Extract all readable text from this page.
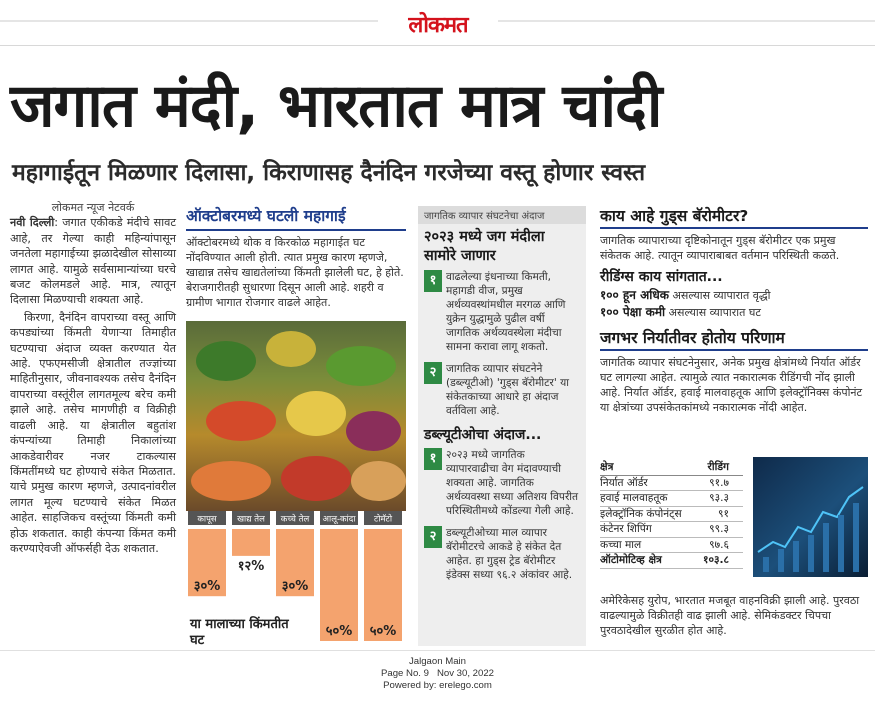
लोकमत
जगात मंदी, भारतात मात्र चांदी
महागाईतून मिळणार दिलासा, किराणासह दैनंदिन गरजेच्या वस्तू होणार स्वस्त
लोकमत न्यूज नेटवर्क

नवी दिल्ली: जगात एकीकडे मंदीचे सावट आहे, तर गेल्या काही महिन्यांपासून जनतेला महागाईच्या झळादेखील सोसाव्या लागत आहे. यामुळे सर्वसामान्यांच्या घरचे बजट कोलमडले आहे. मात्र, त्यातून दिलासा मिळण्याची शक्यता आहे.

किरणा, दैनंदिन वापराच्या वस्तू आणि कपड्यांच्या किंमती येणाऱ्या तिमाहीत घटण्याचा अंदाज व्यक्त करण्यात येत आहे. एफएमसीजी क्षेत्रातील तज्ज्ञांच्या माहितीनुसार, जीवनावश्यक तसेच दैनंदिन वापराच्या वस्तूंरील लागतमूल्य बरेच कमी झाले आहे. तसेच मागणीही व विक्रीही वाढली आहे. या क्षेत्रातील बहुतांश कंपन्यांच्या तिमाही निकालांच्या आकडेवारीवर नजर टाकल्यास किंमतींमध्ये घट होण्याचे संकेत मिळतात. याचे प्रमुख कारण म्हणजे, उत्पादनांवरील लागत मूल्य घटण्याचे संकेत मिळत आहेत. साहजिकच वस्तूंच्या किंमती कमी होऊ शकतात. काही कंपन्या किंमत कमी करण्याऐवजी ऑफर्सही देऊ शकतात.

ऑक्टोबरमध्ये घटली महागाई
ऑक्टोबरमध्ये थोक व किरकोळ महागाईत घट नोंदविण्यात आली होती. त्यात प्रमुख कारण म्हणजे, खाद्यान्न तसेच खाद्यतेलांच्या किंमती झालेली घट, हे होते. बेराजगारीतही सुधारणा दिसून आली आहे. शहरी व ग्रामीण भागात रोजगार वाढले आहेत.
कापूस
३०%
खाद्य तेल
१२%
कच्चे तेल
३०%
आलू-कांदा
५०%
टोमॅटो
५०%
या मालाच्या किंमतीत घट
जागतिक व्यापार संघटनेचा अंदाज
२०२३ मध्ये जग मंदीला सामोरे जाणार
१ वाढलेल्या इंधनाच्या किमती, महागडी वीज, प्रमुख अर्थव्यवस्थांमधील मरगळ आणि युक्रेन युद्धामुळे पुढील वर्षी जागतिक अर्थव्यवस्थेला मंदीचा सामना करावा लागू शकतो.
२ जागतिक व्यापार संघटनेने (डब्ल्यूटीओ) 'गुड्स बॅरोमीटर' या संकेतकाच्या आधारे हा अंदाज वर्तविला आहे.
डब्ल्यूटीओचा अंदाज...
१ २०२३ मध्ये जागतिक व्यापारवाढीचा वेग मंदावण्याची शक्यता आहे. जागतिक अर्थव्यवस्था सध्या अतिशय विपरीत परिस्थितीमध्ये कोंडल्या गेली आहे.
२ डब्ल्यूटीओच्या माल व्यापार बॅरोमीटरचे आकडे हे संकेत देत आहेत. हा गुड्स ट्रेड बॅरोमीटर इंडेक्स सध्या ९६.२ अंकांवर आहे.
काय आहे गुड्स बॅरोमीटर?
जागतिक व्यापाराच्या दृष्टिकोनातून गुड्स बॅरोमीटर एक प्रमुख संकेतक आहे. त्यातून व्यापाराबाबत वर्तमान परिस्थिती कळते.
रीडिंग्स काय सांगतात...
१०० हून अधिक असल्यास व्यापारात वृद्धी
१०० पेक्षा कमी असल्यास व्यापारात घट
जगभर निर्यातीवर होतोय परिणाम
जागतिक व्यापार संघटनेनुसार, अनेक प्रमुख क्षेत्रांमध्ये निर्यात ऑर्डर घट लागल्या आहेत. त्यामुळे त्यात नकारात्मक रीडिंगची नोंद झाली आहे. निर्यात ऑर्डर, हवाई मालवाहतूक आणि इलेक्ट्रॉनिक्स कंपोनंट या क्षेत्रांच्या उपसंकेतकांमध्ये नकारात्मक नोंदी आहेत.
क्षेत्र	रीडिंग
निर्यात ऑर्डर	९१.७
हवाई मालवाहतूक	९३.३
इलेक्ट्रॉनिक कंपोनंट्स	९१
कंटेनर शिपिंग	९९.३
कच्चा माल	९७.६
ऑटोमोटिव्ह क्षेत्र	१०३.८
अमेरिकेसह युरोप, भारतात मजबूत वाहनविक्री झाली आहे. पुरवठा वाढल्यामुळे विक्रीतही वाढ झाली आहे. सेमिकंडक्टर चिपचा पुरवठादेखील सुरळीत होत आहे.
Jalgaon Main
Page No. 9   Nov 30, 2022
Powered by: erelego.com
